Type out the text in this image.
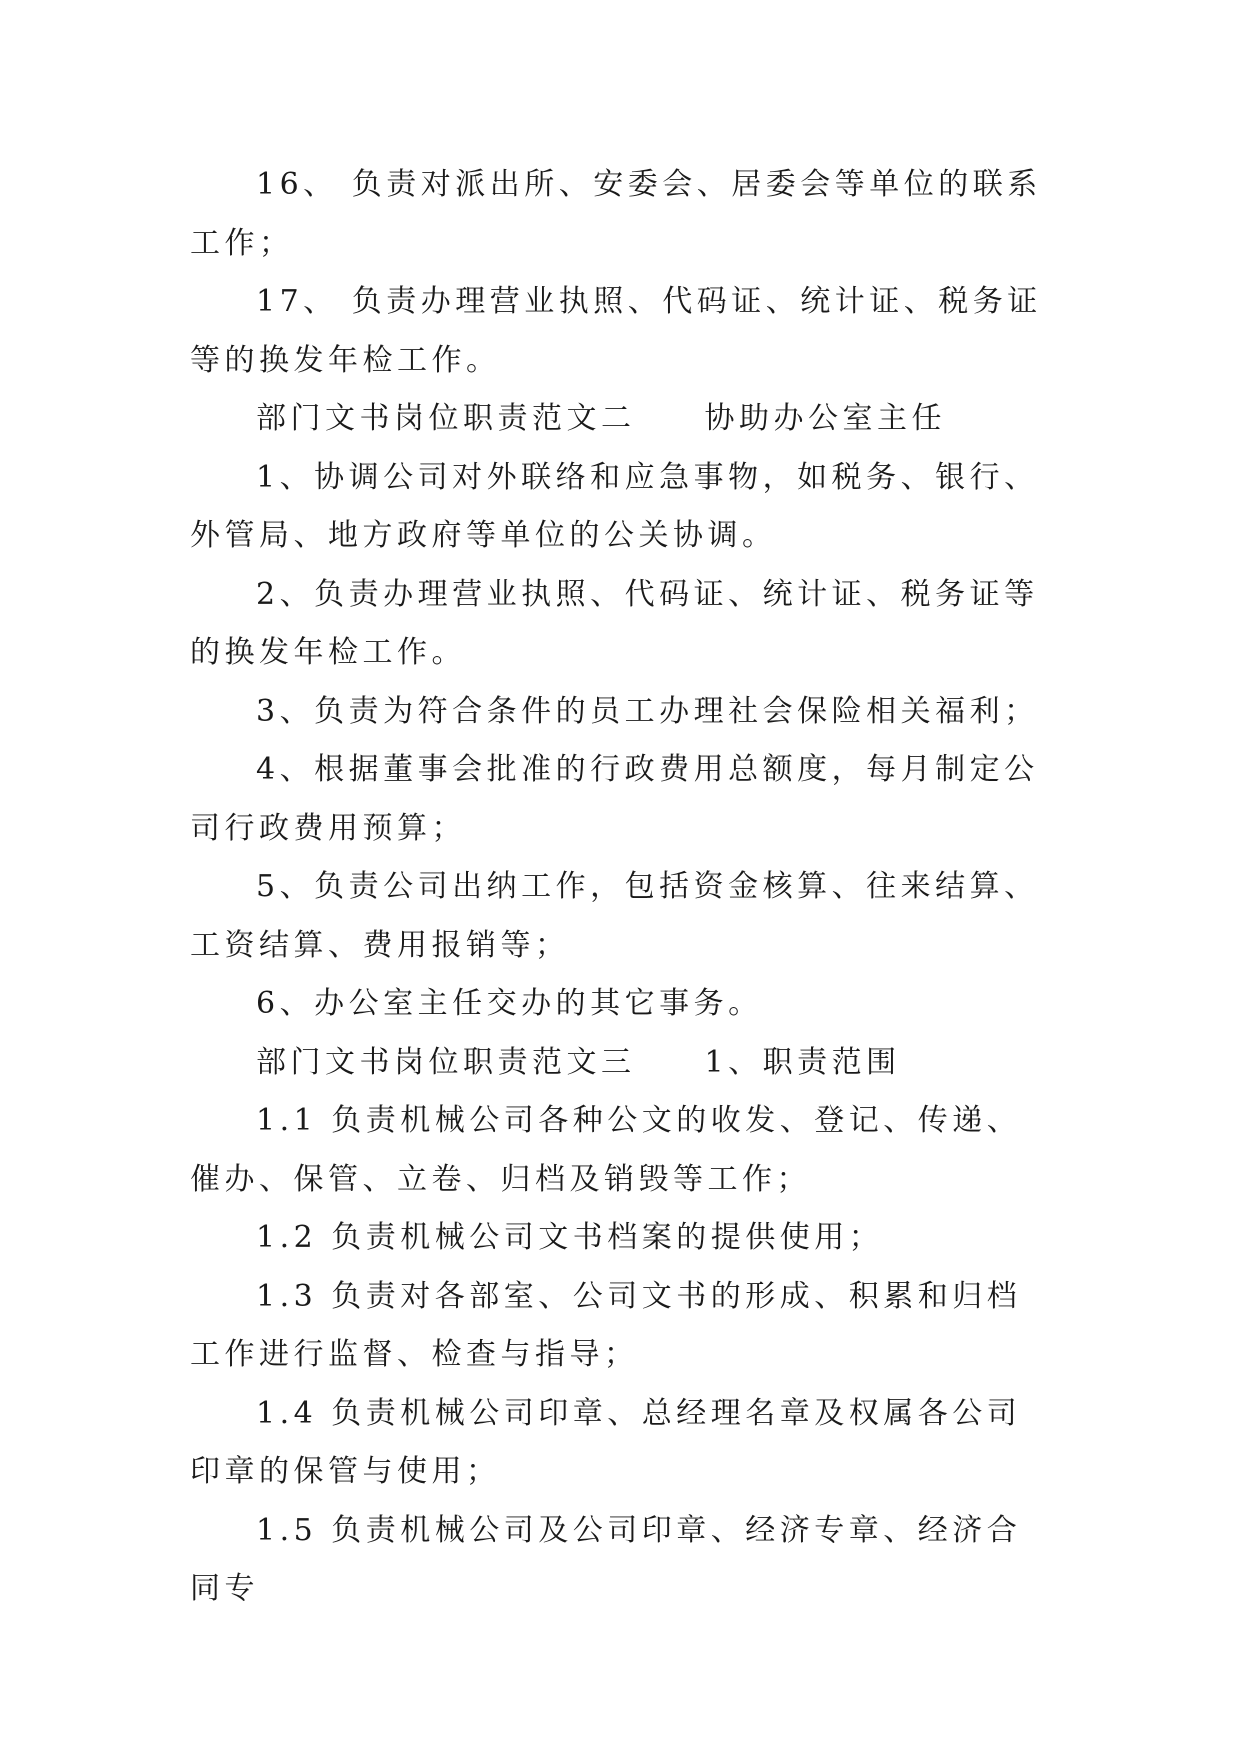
16、 负责对派出所、安委会、居委会等单位的联系工作；

17、 负责办理营业执照、代码证、统计证、税务证等的换发年检工作。

部门文书岗位职责范文二　　协助办公室主任

1、协调公司对外联络和应急事物，如税务、银行、外管局、地方政府等单位的公关协调。

2、负责办理营业执照、代码证、统计证、税务证等的换发年检工作。

3、负责为符合条件的员工办理社会保险相关福利；

4、根据董事会批准的行政费用总额度，每月制定公司行政费用预算；

5、负责公司出纳工作，包括资金核算、往来结算、工资结算、费用报销等；

6、办公室主任交办的其它事务。

部门文书岗位职责范文三　　1、职责范围

1.1 负责机械公司各种公文的收发、登记、传递、催办、保管、立卷、归档及销毁等工作；

1.2 负责机械公司文书档案的提供使用；

1.3 负责对各部室、公司文书的形成、积累和归档工作进行监督、检查与指导；

1.4 负责机械公司印章、总经理名章及权属各公司印章的保管与使用；

1.5 负责机械公司及公司印章、经济专章、经济合同专
